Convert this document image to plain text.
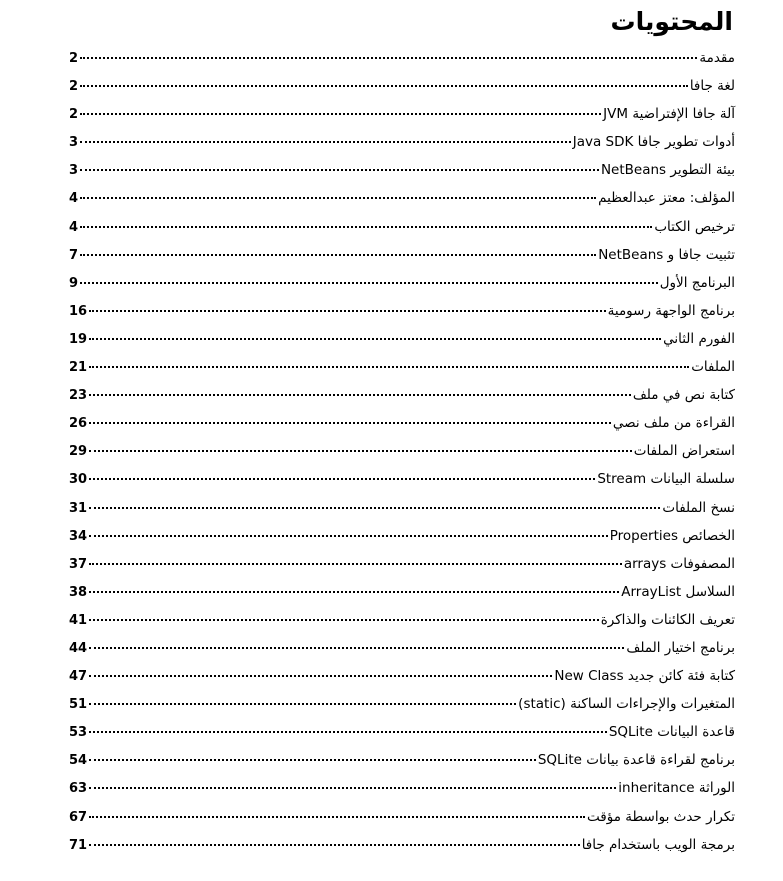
المحتويات
مقدمة
2
لغة جافا
2
آلة جافا الإفتراضية JVM
2
أدوات تطوير جافا Java SDK
3
بيئة التطوير NetBeans
3
المؤلف: معتز عبدالعظيم
4
ترخيص الكتاب
4
تثبيت جافا و NetBeans
7
البرنامج الأول
9
برنامج الواجهة رسومية
16
الفورم الثاني
19
الملفات
21
كتابة نص في ملف
23
القراءة من ملف نصي
26
استعراض الملفات
29
سلسلة البيانات Stream
30
نسخ الملفات
31
الخصائص Properties
34
المصفوفات arrays
37
السلاسل ArrayList
38
تعريف الكائنات والذاكرة
41
برنامج اختيار الملف
44
كتابة فئة كائن جديد New Class
47
المتغيرات والإجراءات الساكنة (static)
51
قاعدة البيانات SQLite
53
برنامج لقراءة قاعدة بيانات SQLite
54
الوراثة inheritance
63
تكرار حدث بواسطة مؤقت
67
برمجة الويب باستخدام جافا
71
